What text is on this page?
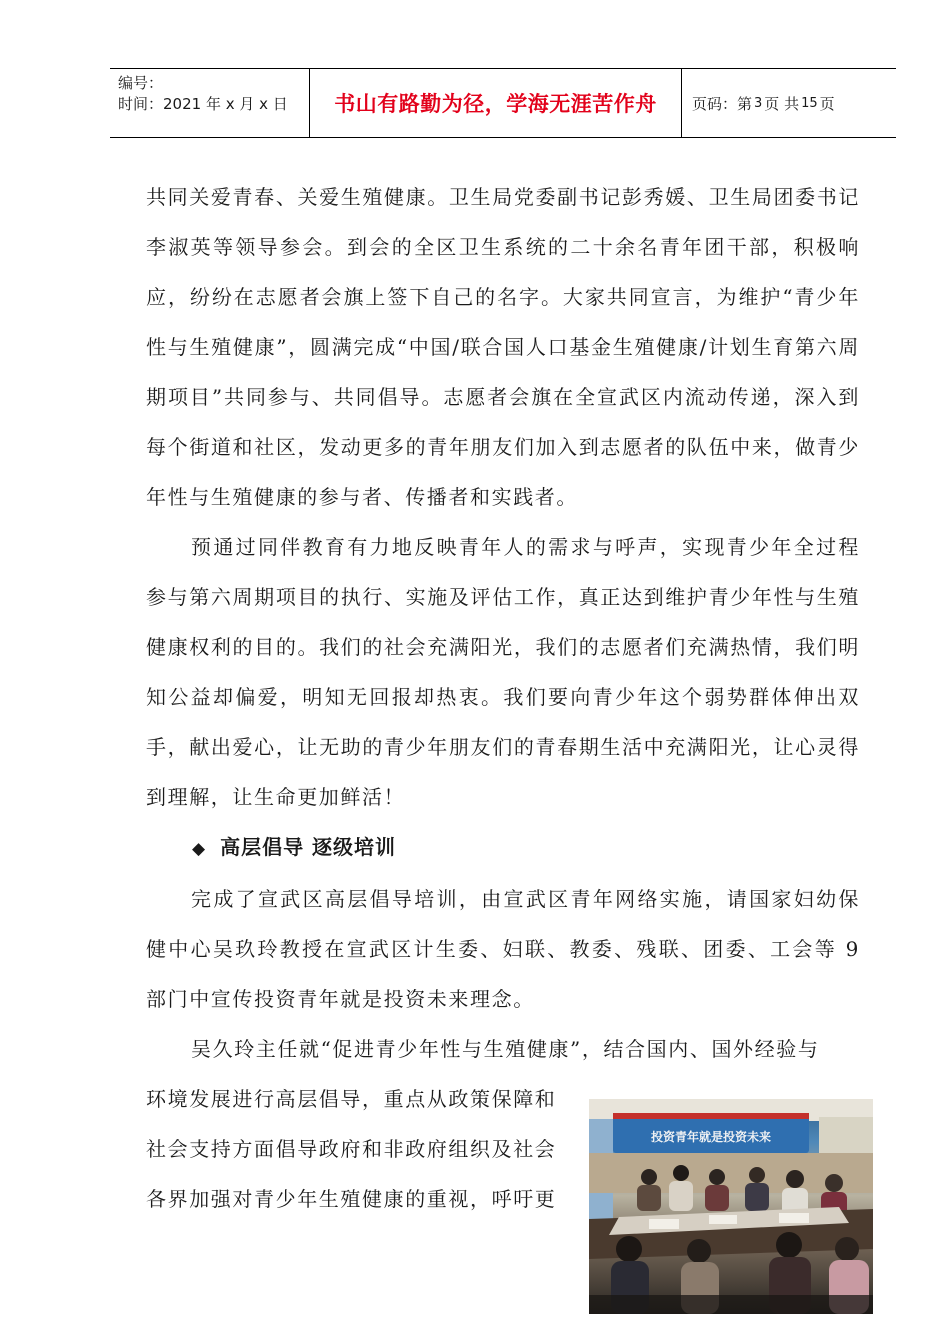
编号：
时间：2021 年 x 月 x 日	书山有路勤为径，学海无涯苦作舟	页码：第 3 页 共 15 页

共同关爱青春、关爱生殖健康。卫生局党委副书记彭秀媛、卫生局团委书记李淑英等领导参会。到会的全区卫生系统的二十余名青年团干部，积极响应，纷纷在志愿者会旗上签下自己的名字。大家共同宣言，为维护“青少年性与生殖健康”，圆满完成“中国/联合国人口基金生殖健康/计划生育第六周期项目”共同参与、共同倡导。志愿者会旗在全宣武区内流动传递，深入到每个街道和社区，发动更多的青年朋友们加入到志愿者的队伍中来，做青少年性与生殖健康的参与者、传播者和实践者。

预通过同伴教育有力地反映青年人的需求与呼声，实现青少年全过程参与第六周期项目的执行、实施及评估工作，真正达到维护青少年性与生殖健康权利的目的。我们的社会充满阳光，我们的志愿者们充满热情，我们明知公益却偏爱，明知无回报却热衷。我们要向青少年这个弱势群体伸出双手，献出爱心，让无助的青少年朋友们的青春期生活中充满阳光，让心灵得到理解，让生命更加鲜活！

◆ 高层倡导 逐级培训

完成了宣武区高层倡导培训，由宣武区青年网络实施，请国家妇幼保健中心吴玖玲教授在宣武区计生委、妇联、教委、残联、团委、工会等 9 部门中宣传投资青年就是投资未来理念。

吴久玲主任就“促进青少年性与生殖健康”，结合国内、国外经验与

环境发展进行高层倡导，重点从政策保障和

社会支持方面倡导政府和非政府组织及社会

各界加强对青少年生殖健康的重视，呼吁更

投资青年就是投资未来
